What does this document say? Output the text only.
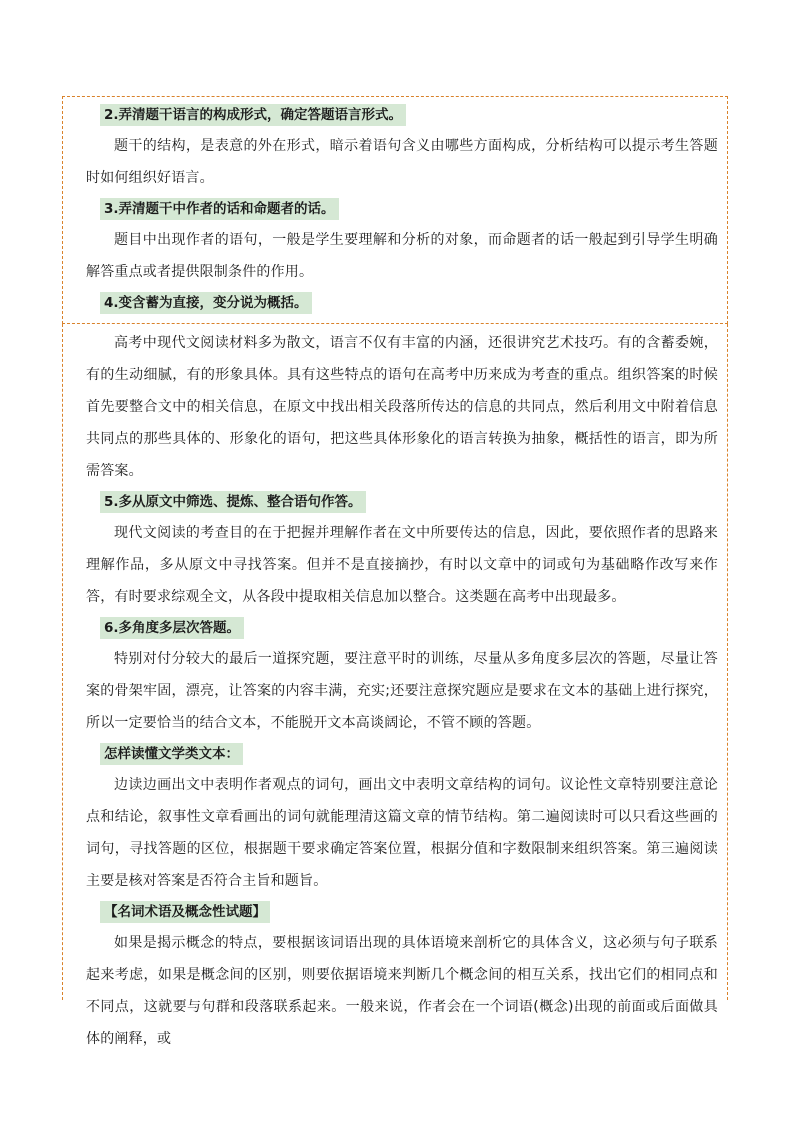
2.弄清题干语言的构成形式，确定答题语言形式。

题干的结构，是表意的外在形式，暗示着语句含义由哪些方面构成，分析结构可以提示考生答题时如何组织好语言。

3.弄清题干中作者的话和命题者的话。

题目中出现作者的语句，一般是学生要理解和分析的对象，而命题者的话一般起到引导学生明确解答重点或者提供限制条件的作用。

4.变含蓄为直接，变分说为概括。

高考中现代文阅读材料多为散文，语言不仅有丰富的内涵，还很讲究艺术技巧。有的含蓄委婉，有的生动细腻，有的形象具体。具有这些特点的语句在高考中历来成为考查的重点。组织答案的时候首先要整合文中的相关信息，在原文中找出相关段落所传达的信息的共同点，然后利用文中附着信息共同点的那些具体的、形象化的语句，把这些具体形象化的语言转换为抽象，概括性的语言，即为所需答案。

5.多从原文中筛选、提炼、整合语句作答。

现代文阅读的考查目的在于把握并理解作者在文中所要传达的信息，因此，要依照作者的思路来理解作品，多从原文中寻找答案。但并不是直接摘抄，有时以文章中的词或句为基础略作改写来作答，有时要求综观全文，从各段中提取相关信息加以整合。这类题在高考中出现最多。

6.多角度多层次答题。

特别对付分较大的最后一道探究题，要注意平时的训练，尽量从多角度多层次的答题，尽量让答案的骨架牢固，漂亮，让答案的内容丰满，充实;还要注意探究题应是要求在文本的基础上进行探究，所以一定要恰当的结合文本，不能脱开文本高谈阔论，不管不顾的答题。

怎样读懂文学类文本：

边读边画出文中表明作者观点的词句，画出文中表明文章结构的词句。议论性文章特别要注意论点和结论，叙事性文章看画出的词句就能理清这篇文章的情节结构。第二遍阅读时可以只看这些画的词句，寻找答题的区位，根据题干要求确定答案位置，根据分值和字数限制来组织答案。第三遍阅读主要是核对答案是否符合主旨和题旨。

【名词术语及概念性试题】

如果是揭示概念的特点，要根据该词语出现的具体语境来剖析它的具体含义，这必须与句子联系起来考虑，如果是概念间的区别，则要依据语境来判断几个概念间的相互关系，找出它们的相同点和不同点，这就要与句群和段落联系起来。一般来说，作者会在一个词语(概念)出现的前面或后面做具体的阐释，或
